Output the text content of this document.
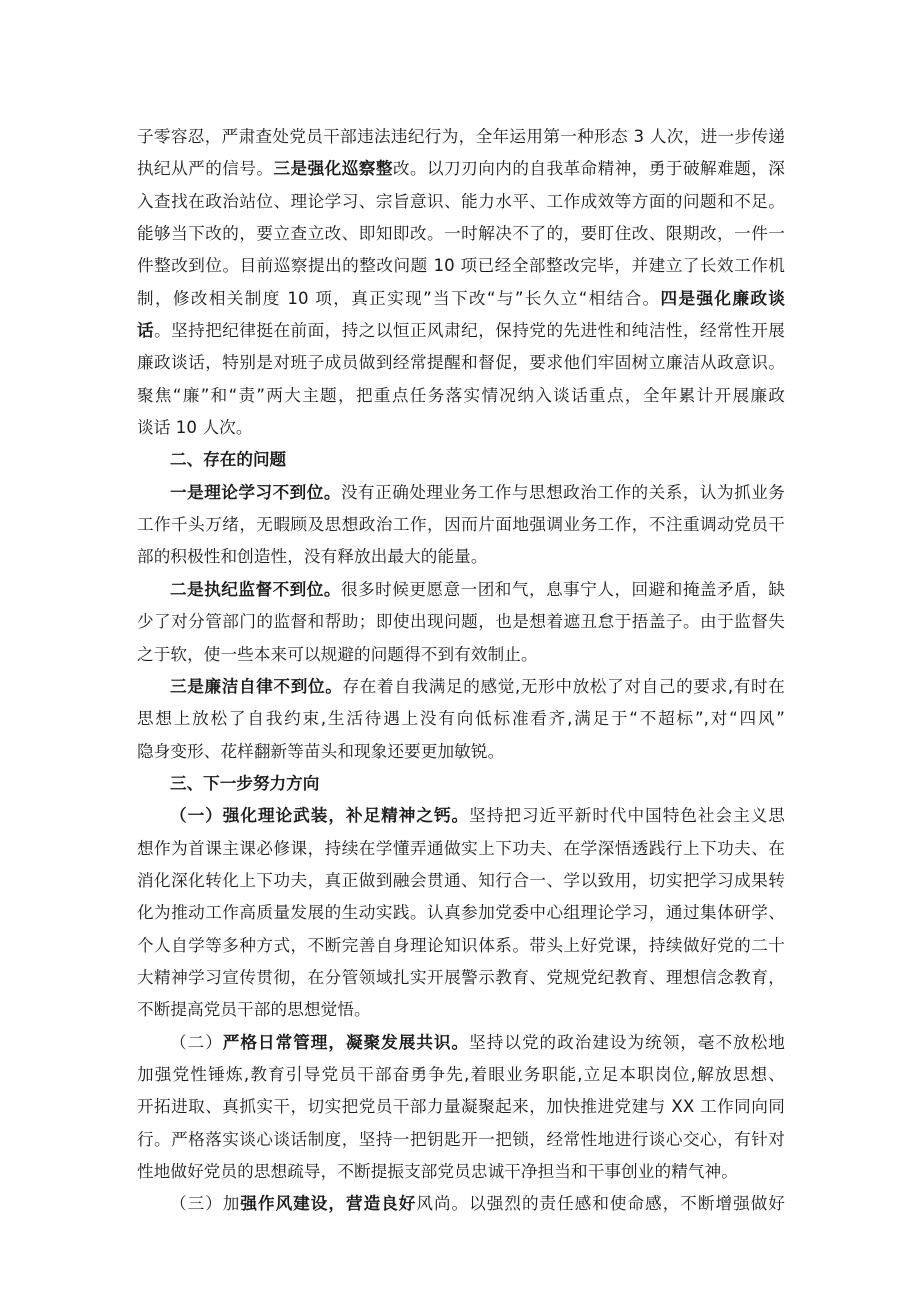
子零容忍，严肃查处党员干部违法违纪行为，全年运用第一种形态 3 人次，进一步传递
执纪从严的信号。三是强化巡察整改。以刀刃向内的自我革命精神，勇于破解难题，深
入查找在政治站位、理论学习、宗旨意识、能力水平、工作成效等方面的问题和不足。
能够当下改的，要立查立改、即知即改。一时解决不了的，要盯住改、限期改，一件一
件整改到位。目前巡察提出的整改问题 10 项已经全部整改完毕，并建立了长效工作机
制，修改相关制度 10 项，真正实现”当下改“与”长久立“相结合。四是强化廉政谈
话。坚持把纪律挺在前面，持之以恒正风肃纪，保持党的先进性和纯洁性，经常性开展
廉政谈话，特别是对班子成员做到经常提醒和督促，要求他们牢固树立廉洁从政意识。
聚焦“廉”和“责”两大主题，把重点任务落实情况纳入谈话重点，全年累计开展廉政
谈话 10 人次。

二、存在的问题

一是理论学习不到位。没有正确处理业务工作与思想政治工作的关系，认为抓业务
工作千头万绪，无暇顾及思想政治工作，因而片面地强调业务工作，不注重调动党员干
部的积极性和创造性，没有释放出最大的能量。

二是执纪监督不到位。很多时候更愿意一团和气，息事宁人，回避和掩盖矛盾，缺
少了对分管部门的监督和帮助；即使出现问题，也是想着遮丑怠于捂盖子。由于监督失
之于软，使一些本来可以规避的问题得不到有效制止。

三是廉洁自律不到位。存在着自我满足的感觉,无形中放松了对自己的要求,有时在
思想上放松了自我约束,生活待遇上没有向低标准看齐,满足于“不超标”,对“四风”
隐身变形、花样翻新等苗头和现象还要更加敏锐。

三、下一步努力方向

（一）强化理论武装，补足精神之钙。坚持把习近平新时代中国特色社会主义思
想作为首课主课必修课，持续在学懂弄通做实上下功夫、在学深悟透践行上下功夫、在
消化深化转化上下功夫，真正做到融会贯通、知行合一、学以致用，切实把学习成果转
化为推动工作高质量发展的生动实践。认真参加党委中心组理论学习，通过集体研学、
个人自学等多种方式，不断完善自身理论知识体系。带头上好党课，持续做好党的二十
大精神学习宣传贯彻，在分管领域扎实开展警示教育、党规党纪教育、理想信念教育，
不断提高党员干部的思想觉悟。

（二）严格日常管理，凝聚发展共识。坚持以党的政治建设为统领，毫不放松地
加强党性锤炼,教育引导党员干部奋勇争先,着眼业务职能,立足本职岗位,解放思想、
开拓进取、真抓实干，切实把党员干部力量凝聚起来，加快推进党建与 XX 工作同向同
行。严格落实谈心谈话制度，坚持一把钥匙开一把锁，经常性地进行谈心交心，有针对
性地做好党员的思想疏导，不断提振支部党员忠诚干净担当和干事创业的精气神。

（三）加强作风建设，营造良好风尚。以强烈的责任感和使命感，不断增强做好
